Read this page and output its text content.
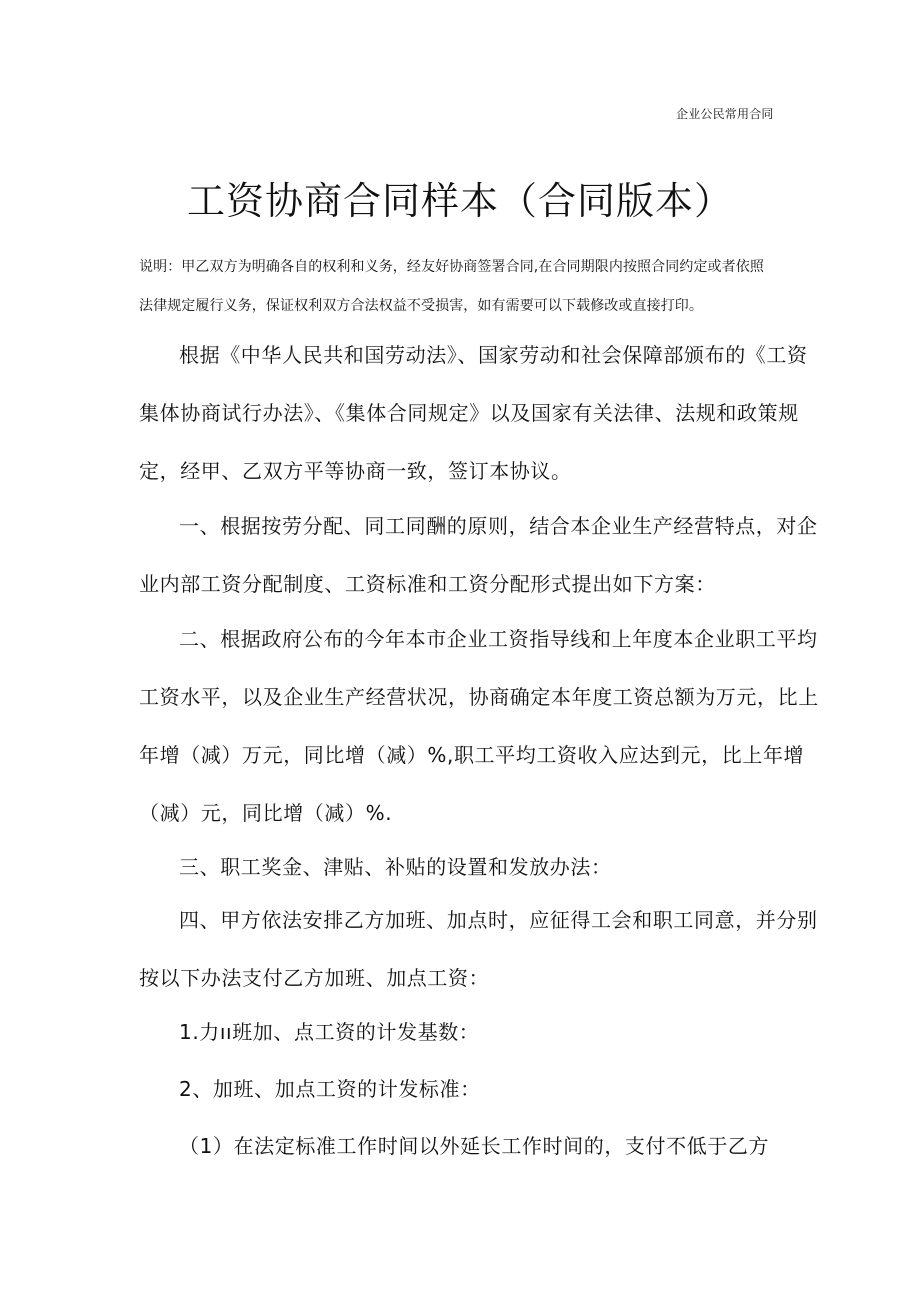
企业公民常用合同
工资协商合同样本（合同版本）
说明：甲乙双方为明确各自的权利和义务，经友好协商签署合同,在合同期限内按照合同约定或者依照
法律规定履行义务，保证权利双方合法权益不受损害，如有需要可以下载修改或直接打印。
根据《中华人民共和国劳动法》、国家劳动和社会保障部颁布的《工资
集体协商试行办法》、《集体合同规定》以及国家有关法律、法规和政策规
定，经甲、乙双方平等协商一致，签订本协议。
一、根据按劳分配、同工同酬的原则，结合本企业生产经营特点，对企
业内部工资分配制度、工资标准和工资分配形式提出如下方案：
二、根据政府公布的今年本市企业工资指导线和上年度本企业职工平均
工资水平，以及企业生产经营状况，协商确定本年度工资总额为万元，比上
年增（减）万元，同比增（减）%,职工平均工资收入应达到元，比上年增
（减）元，同比增（减）%.
三、职工奖金、津贴、补贴的设置和发放办法：
四、甲方依法安排乙方加班、加点时，应征得工会和职工同意，并分别
按以下办法支付乙方加班、加点工资：
1.力ıı班加、点工资的计发基数：
2、加班、加点工资的计发标准：
（1）在法定标准工作时间以外延长工作时间的，支付不低于乙方
